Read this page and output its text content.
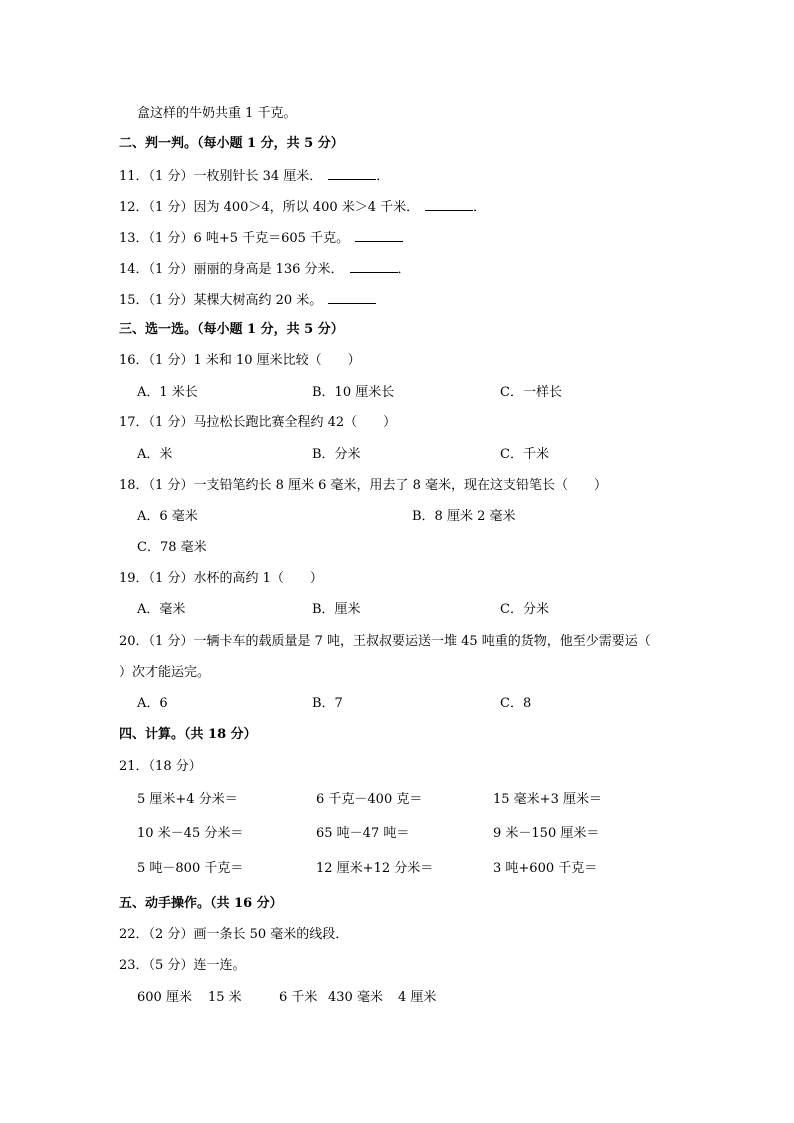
盒这样的牛奶共重 1 千克。
二、判一判。（每小题 1 分，共 5 分）
11．（1 分）一枚别针长 34 厘米．	．
12．（1 分）因为 400＞4，所以 400 米＞4 千米．	．
13．（1 分）6 吨+5 千克＝605 千克。
14．（1 分）丽丽的身高是 136 分米．	．
15．（1 分）某棵大树高约 20 米。
三、选一选。（每小题 1 分，共 5 分）
16．（1 分）1 米和 10 厘米比较（　　）
A．1 米长	B．10 厘米长	C．一样长
17．（1 分）马拉松长跑比赛全程约 42（　　）
A．米	B．分米	C．千米
18．（1 分）一支铅笔约长 8 厘米 6 毫米，用去了 8 毫米，现在这支铅笔长（　　）
A．6 毫米	B．8 厘米 2 毫米
C．78 毫米
19．（1 分）水杯的高约 1（　　）
A．毫米	B．厘米	C．分米
20．（1 分）一辆卡车的载质量是 7 吨，王叔叔要运送一堆 45 吨重的货物，他至少需要运（
）次才能运完。
A．6	B．7	C．8
四、计算。（共 18 分）
21．（18 分）
5 厘米+4 分米＝	6 千克－400 克＝	15 毫米+3 厘米＝
10 米－45 分米＝	65 吨－47 吨＝	9 米－150 厘米＝
5 吨－800 千克＝	12 厘米+12 分米＝	3 吨+600 千克＝
五、动手操作。（共 16 分）
22．（2 分）画一条长 50 毫米的线段．
23．（5 分）连一连。
600 厘米 15 米	6 千米 430 毫米 4 厘米
